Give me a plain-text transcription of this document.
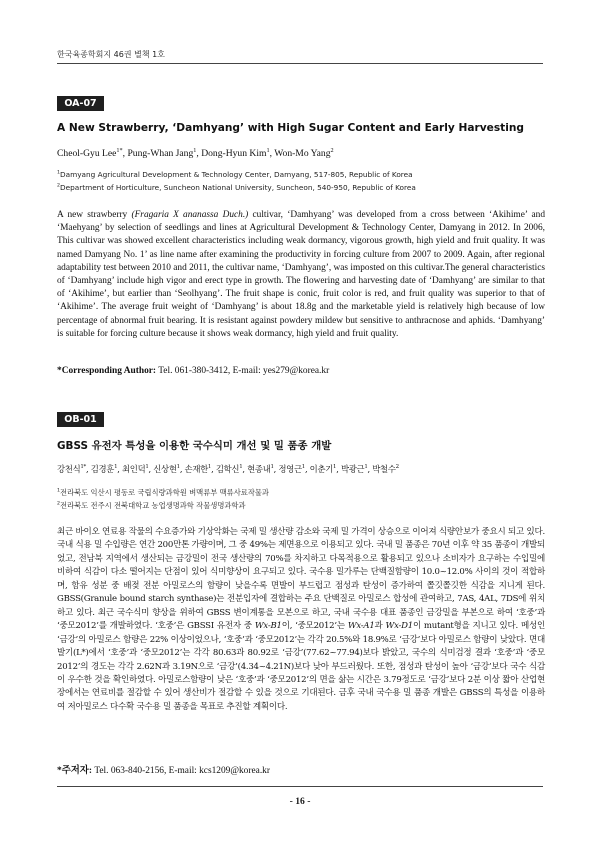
한국육종학회지 46권 별책 1호
OA-07
A New Strawberry, ‘Damhyang’ with High Sugar Content and Early Harvesting
Cheol-Gyu Lee$^{1*}$, Pung-Whan Jang$^1$, Dong-Hyun Kim$^1$, Won-Mo Yang$^2$
$^1$Damyang Agricultural Development & Technology Center, Damyang, 517-805, Republic of Korea
$^2$Department of Horticulture, Suncheon National University, Suncheon, 540-950, Republic of Korea
A new strawberry (Fragaria X ananassa Duch.) cultivar, ‘Damhyang’ was developed from a cross between ‘Akihime’ and ‘Maehyang’ by selection of seedlings and lines at Agricultural Development & Technology Center, Damyang in 2012. In 2006, This cultivar was showed excellent characteristics including weak dormancy, vigorous growth, high yield and fruit quality. It was named Damyang No. 1’ as line name after examining the productivity in forcing culture from 2007 to 2009. Again, after regional adaptability test between 2010 and 2011, the cultivar name, ‘Damhyang’, was imposted on this cultivar.The general characteristics of ‘Damhyang’ include high vigor and erect type in growth. The flowering and harvesting date of ‘Damhyang’ are similar to that of ‘Akihime’, but earlier than ‘Seolhyang’. The fruit shape is conic, fruit color is red, and fruit quality was superior to that of ‘Akihime’. The average fruit weight of ‘Damhyang’ is about 18.8g and the marketable yield is relatively high because of low percentage of abnormal fruit bearing. It is resistant against powdery mildew but sensitive to anthracnose and aphids. ‘Damhyang’ is suitable for forcing culture because it shows weak dormancy, high yield and fruit quality.
*Corresponding Author: Tel. 061-380-3412, E-mail: yes279@korea.kr
OB-01
GBSS 유전자 특성을 이용한 국수식미 개선 및 밀 품종 개발
강천식$^{1*}$, 김경훈$^1$, 최인덕$^1$, 신상현$^1$, 손재한$^1$, 김학신$^1$, 현종내$^1$, 정영근$^1$, 이춘기$^1$, 박광근$^1$, 박철수$^2$
$^1$전라북도 익산시 평동로 국립식량과학원 벼맥류부 맥류사료작물과
$^2$전라북도 전주시 전북대학교 농업생명과학 작물생명과학과
최근 바이오 연료용 작물의 수요증가와 기상악화는 국제 밀 생산량 감소와 국제 밀 가격이 상승으로 이어져 식량안보가 중요시 되고 있다. 국내 식용 밀 수입량은 연간 200만톤 가량이며, 그 중 49%는 제면용으로 이용되고 있다. 국내 밀 품종은 70년 이후 약 35 품종이 개발되었고, 전남북 지역에서 생산되는 금강밀이 전국 생산량의 70%를 차지하고 다목적용으로 활용되고 있으나 소비자가 요구하는 수입밀에 비하여 식감이 다소 떨어지는 단점이 있어 식미향상이 요구되고 있다. 국수용 밀가루는 단백질함량이 10.0~12.0% 사이의 것이 적합하며, 함유 성분 중 배젖 전분 아밀로스의 함량이 낮을수록 면발이 부드럽고 점성과 탄성이 증가하여 쫄깃쫄깃한 식감을 지니게 된다. GBSS(Granule bound starch synthase)는 전분입자에 결합하는 주요 단백질로 아밀로스 합성에 관여하고, 7AS, 4AL, 7DS에 위치하고 있다. 최근 국수식미 향상을 위하여 GBSS 변이계통을 모본으로 하고, 국내 국수용 대표 품종인 금강밀을 부본으로 하여 ‘호중’과 ‘중모2012’를 개발하였다. ‘호중’은 GBSSI 유전자 중 Wx-B1이, ‘중모2012’는 Wx-A1과 Wx-D1이 mutant형을 지니고 있다. 메성인 ‘금강’의 아밀로스 함량은 22% 이상이었으나, ‘호중’과 ‘중모2012’는 각각 20.5%와 18.9%로 ‘금강’보다 아밀로스 함량이 낮았다. 면대발기(L*)에서 ‘호중’과 ‘중모2012’는 각각 80.63과 80.92로 ‘금강’(77.62~77.94)보다 밝았고, 국수의 식미검정 결과 ‘호중’과 ‘중모2012’의 경도는 각각 2.62N과 3.19N으로 ‘금강’(4.34~4.21N)보다 낮아 부드러웠다. 또한, 점성과 탄성이 높아 ‘금강’보다 국수 식감이 우수한 것을 확인하였다. 아밀로스함량이 낮은 ‘호중’과 ‘중모2012’의 면을 삶는 시간은 3.79정도로 ‘금강’보다 2분 이상 짧아 산업현장에서는 연료비를 절감할 수 있어 생산비가 절감할 수 있을 것으로 기대된다. 금후 국내 국수용 밀 품종 개발은 GBSS의 특성을 이용하여 저아밀로스 다수확 국수용 밀 품종을 목표로 추진할 계획이다.
*주저자: Tel. 063-840-2156, E-mail: kcs1209@korea.kr
- 16 -
